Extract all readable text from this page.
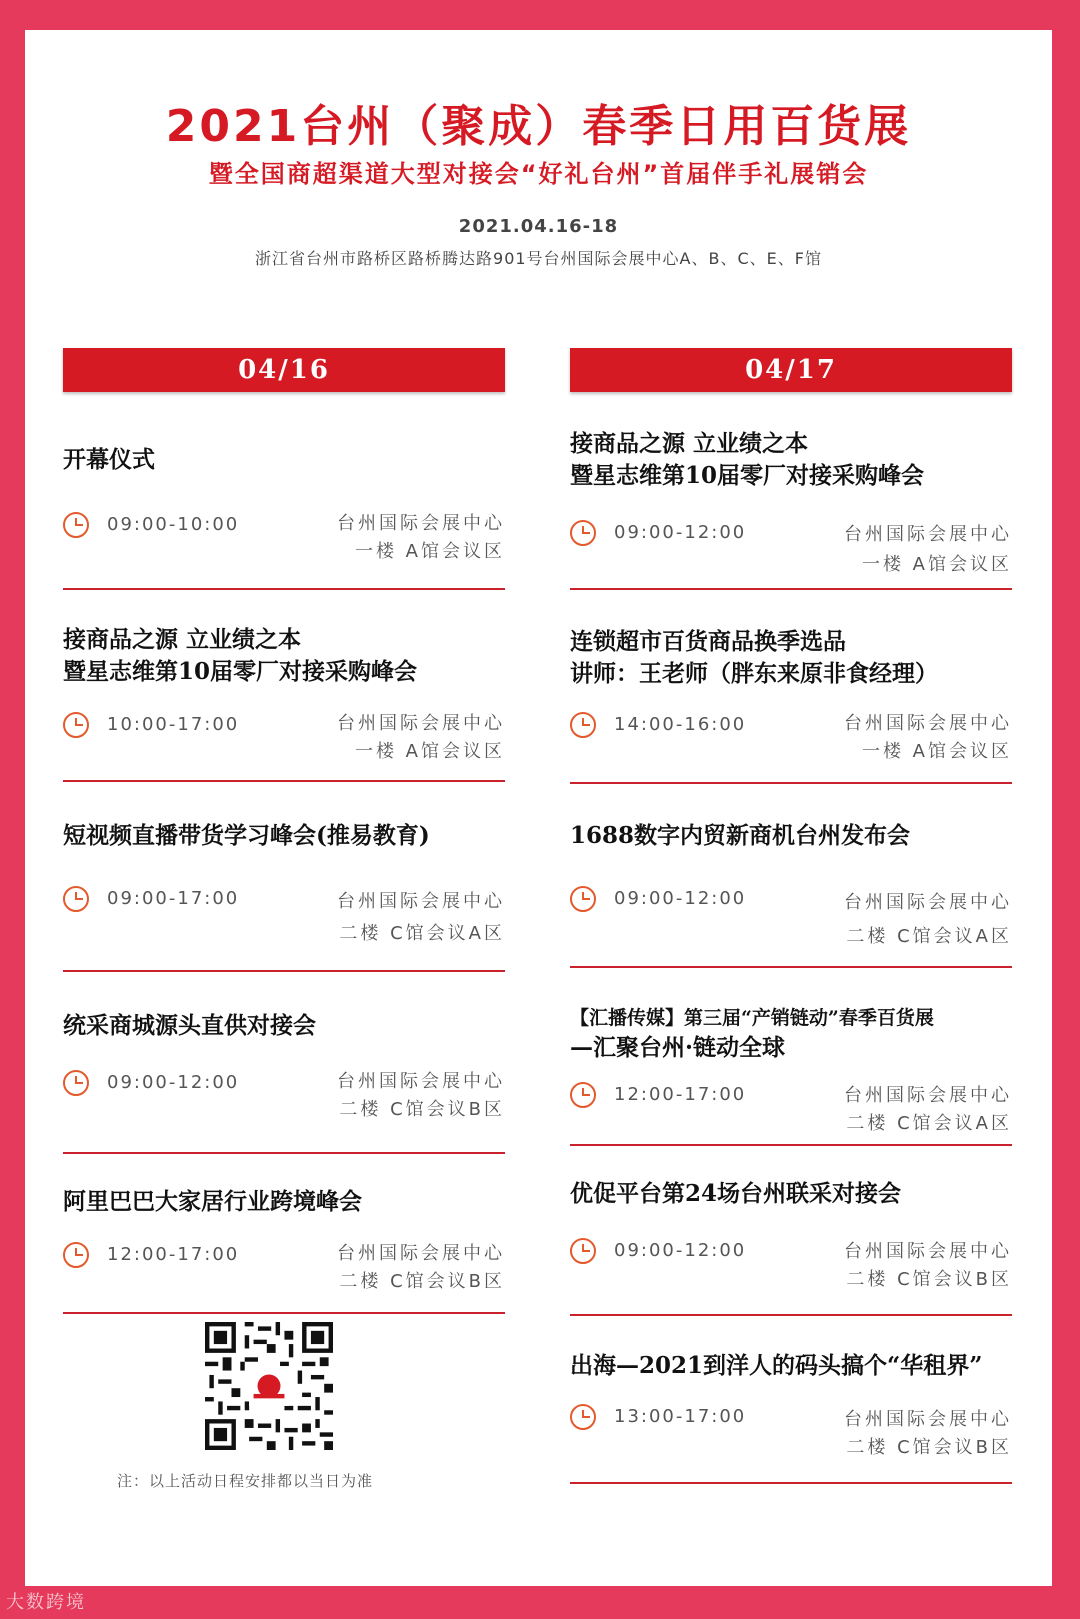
2021台州（聚成）春季日用百货展
暨全国商超渠道大型对接会“好礼台州”首届伴手礼展销会
2021.04.16-18
浙江省台州市路桥区路桥腾达路901号台州国际会展中心A、B、C、E、F馆
04/16
开幕仪式
09:00-10:00	台州国际会展中心
一楼 A馆会议区
接商品之源 立业绩之本
暨星志维第10届零厂对接采购峰会
10:00-17:00	台州国际会展中心
一楼 A馆会议区
短视频直播带货学习峰会(推易教育)
09:00-17:00	台州国际会展中心
二楼 C馆会议A区
统采商城源头直供对接会
09:00-12:00	台州国际会展中心
二楼 C馆会议B区
阿里巴巴大家居行业跨境峰会
12:00-17:00	台州国际会展中心
二楼 C馆会议B区
04/17
接商品之源 立业绩之本
暨星志维第10届零厂对接采购峰会
09:00-12:00	台州国际会展中心
一楼 A馆会议区
连锁超市百货商品换季选品
讲师：王老师（胖东来原非食经理）
14:00-16:00	台州国际会展中心
一楼 A馆会议区
1688数字内贸新商机台州发布会
09:00-12:00	台州国际会展中心
二楼 C馆会议A区
【汇播传媒】第三届“产销链动”春季百货展
—汇聚台州·链动全球
12:00-17:00	台州国际会展中心
二楼 C馆会议A区
优促平台第24场台州联采对接会
09:00-12:00	台州国际会展中心
二楼 C馆会议B区
出海—2021到洋人的码头搞个“华租界”
13:00-17:00	台州国际会展中心
二楼 C馆会议B区
注：以上活动日程安排都以当日为准
大数跨境
